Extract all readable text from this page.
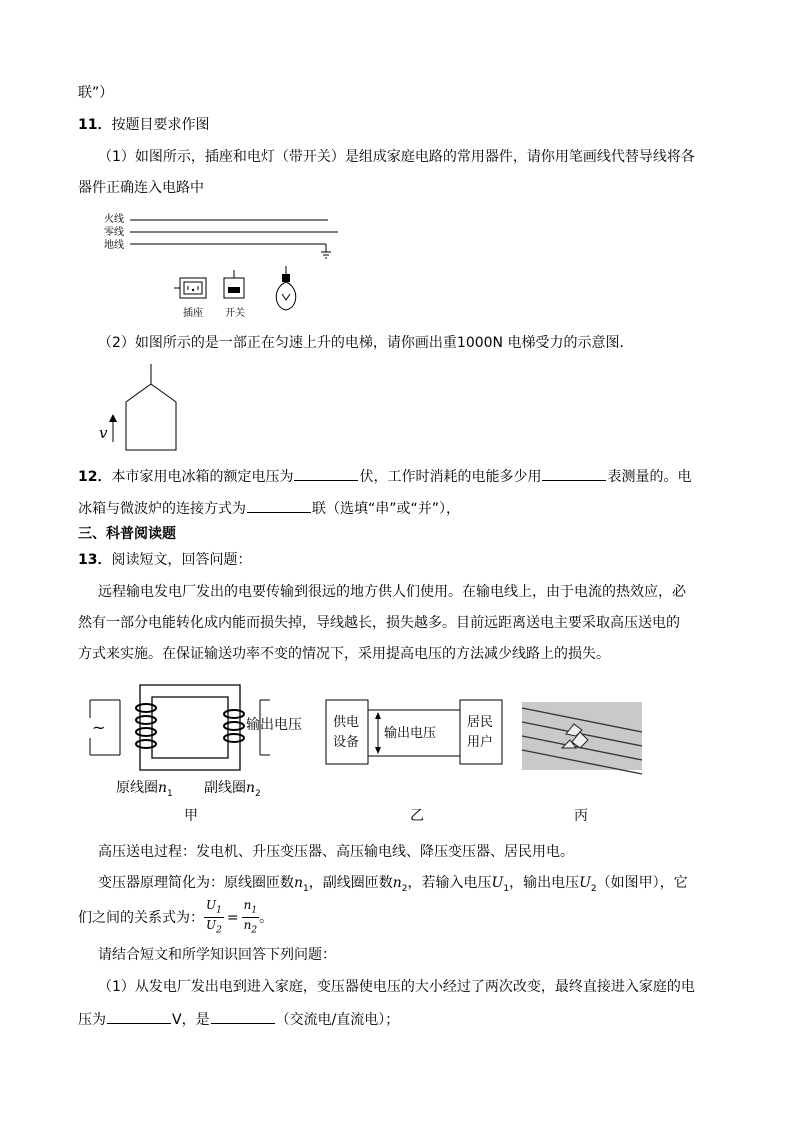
联”）
11．按题目要求作图
（1）如图所示，插座和电灯（带开关）是组成家庭电路的常用器件，请你用笔画线代替导线将各
器件正确连入电路中
火线
零线
地线
插座 开关
（2）如图所示的是一部正在匀速上升的电梯，请你画出重1000N 电梯受力的示意图．
v
12．本市家用电冰箱的额定电压为	伏，工作时消耗的电能多少用	表测量的。电
冰箱与微波炉的连接方式为	联（选填“串”或“并”），
三、科普阅读题
13．阅读短文，回答问题：
远程输电发电厂发出的电要传输到很远的地方供人们使用。在输电线上，由于电流的热效应，必
然有一部分电能转化成内能而损失掉，导线越长，损失越多。目前远距离送电主要采取高压送电的
方式来实施。在保证输送功率不变的情况下，采用提高电压的方法减少线路上的损失。
~	输出电压
原线圈$n_1$ 副线圈$n_2$
甲
供电
设备
居民
用户
输出电压
乙	丙
高压送电过程：发电机、升压变压器、高压输电线、降压变压器、居民用电。
变压器原理简化为：原线圈匝数$n_1$，副线圈匝数$n_2$，若输入电压$U_1$，输出电压$U_2$（如图甲），它
们之间的关系式为： $\frac{U_1}{U_2} = \frac{n_1}{n_2}$ 。
请结合短文和所学知识回答下列问题：
（1）从发电厂发出电到进入家庭，变压器使电压的大小经过了两次改变，最终直接进入家庭的电
压为	V，是	（交流电/直流电）；
